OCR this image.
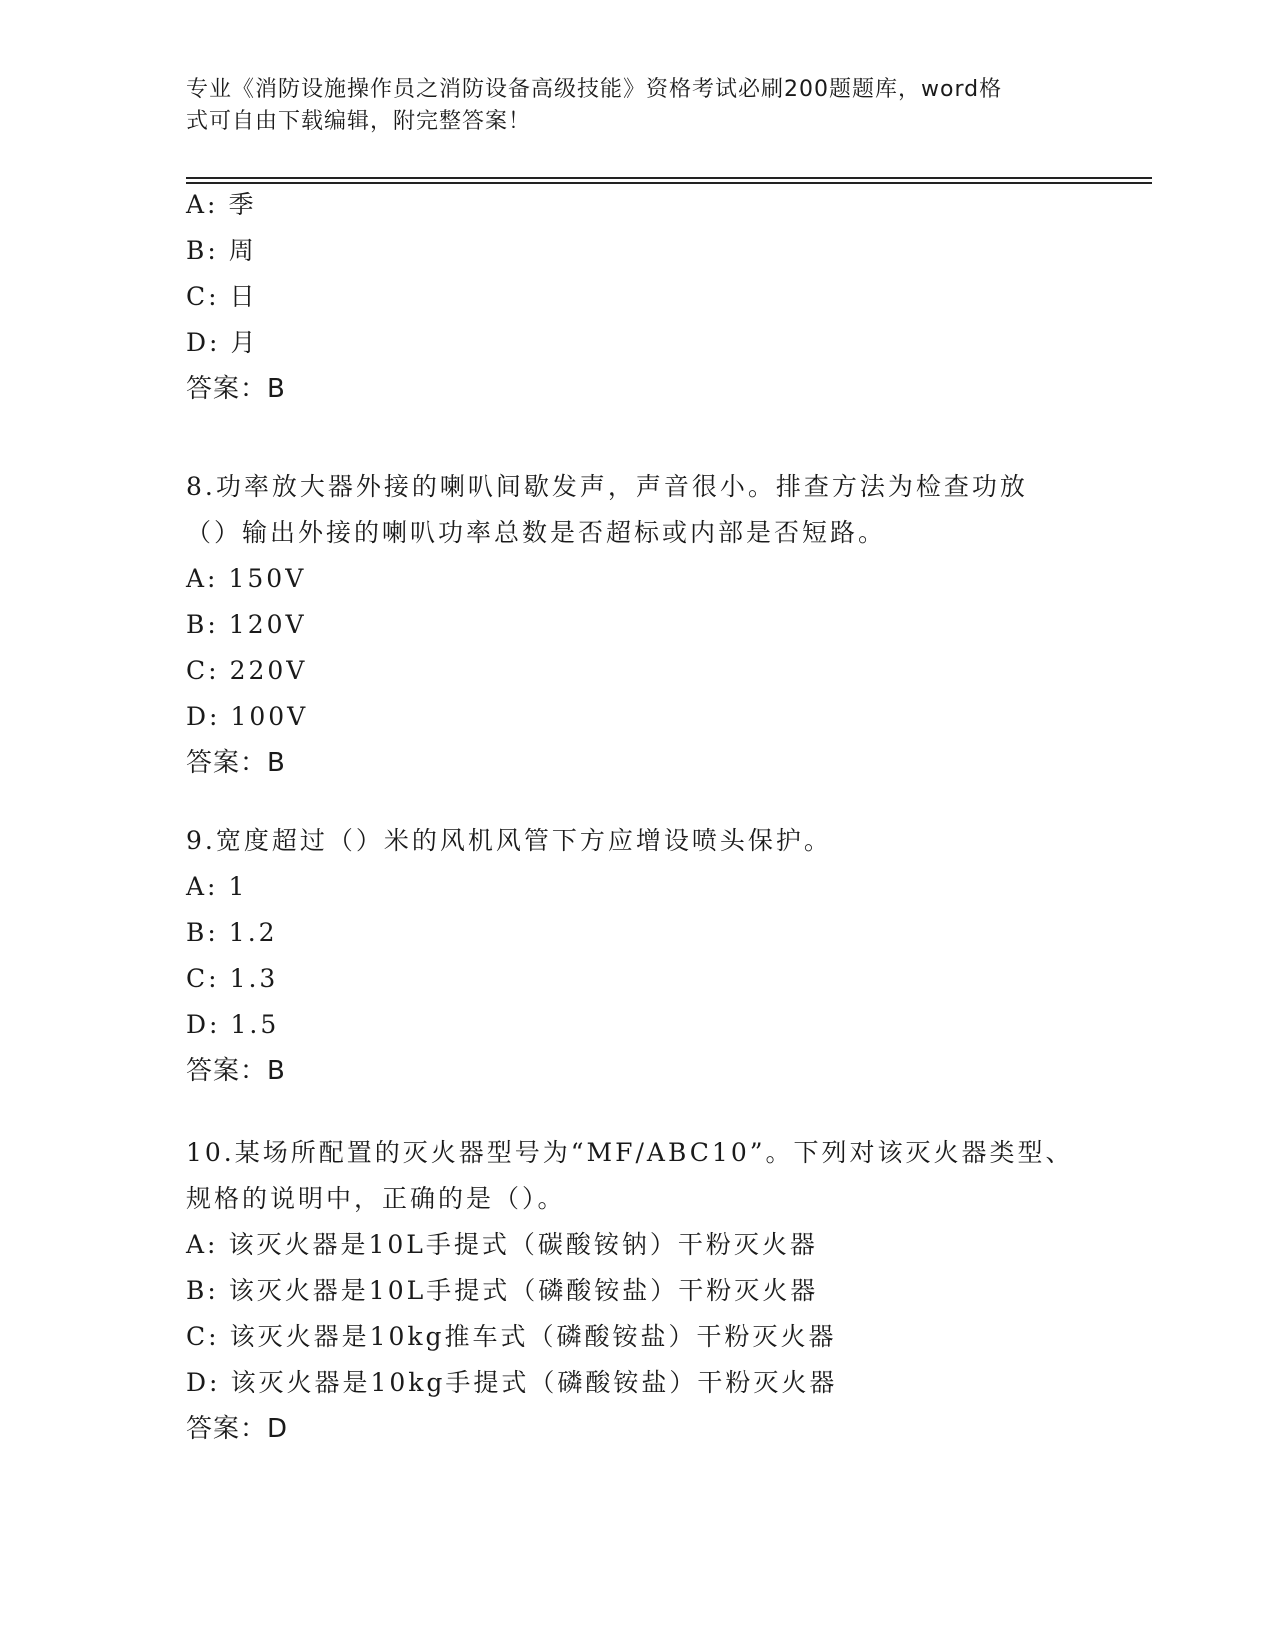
专业《消防设施操作员之消防设备高级技能》资格考试必刷200题题库，word格
式可自由下载编辑，附完整答案！
A: 季
B: 周
C: 日
D: 月
答案：B
8.功率放大器外接的喇叭间歇发声，声音很小。排查方法为检查功放
（）输出外接的喇叭功率总数是否超标或内部是否短路。
A: 150V
B: 120V
C: 220V
D: 100V
答案：B
9.宽度超过（）米的风机风管下方应增设喷头保护。
A: 1
B: 1.2
C: 1.3
D: 1.5
答案：B
10.某场所配置的灭火器型号为“MF/ABC10”。下列对该灭火器类型、
规格的说明中，正确的是（）。
A: 该灭火器是10L手提式（碳酸铵钠）干粉灭火器
B: 该灭火器是10L手提式（磷酸铵盐）干粉灭火器
C: 该灭火器是10kg推车式（磷酸铵盐）干粉灭火器
D: 该灭火器是10kg手提式（磷酸铵盐）干粉灭火器
答案：D
